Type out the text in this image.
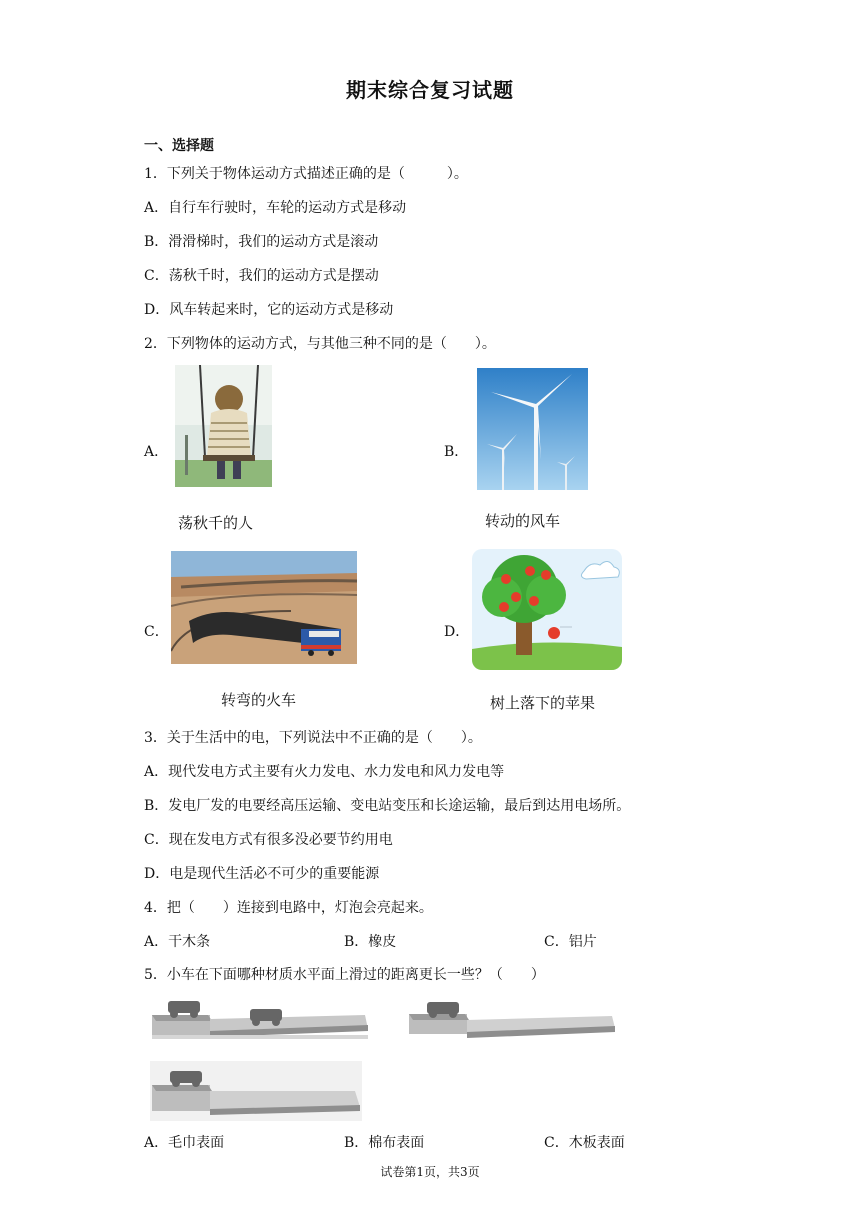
期末综合复习试题
一、选择题
1．下列关于物体运动方式描述正确的是（　　　）。
A．自行车行驶时，车轮的运动方式是移动
B．滑滑梯时，我们的运动方式是滚动
C．荡秋千时，我们的运动方式是摆动
D．风车转起来时，它的运动方式是移动
2．下列物体的运动方式，与其他三种不同的是（　　）。
A．
荡秋千的人
B．
转动的风车
C．
转弯的火车
D．
树上落下的苹果
3．关于生活中的电，下列说法中不正确的是（　　）。
A．现代发电方式主要有火力发电、水力发电和风力发电等
B．发电厂发的电要经高压运输、变电站变压和长途运输，最后到达用电场所。
C．现在发电方式有很多没必要节约用电
D．电是现代生活必不可少的重要能源
4．把（　　）连接到电路中，灯泡会亮起来。
A．干木条	B．橡皮	C．铝片
5．小车在下面哪种材质水平面上滑过的距离更长一些？（　　）
A．毛巾表面	B．棉布表面	C．木板表面
试卷第1页，共3页
